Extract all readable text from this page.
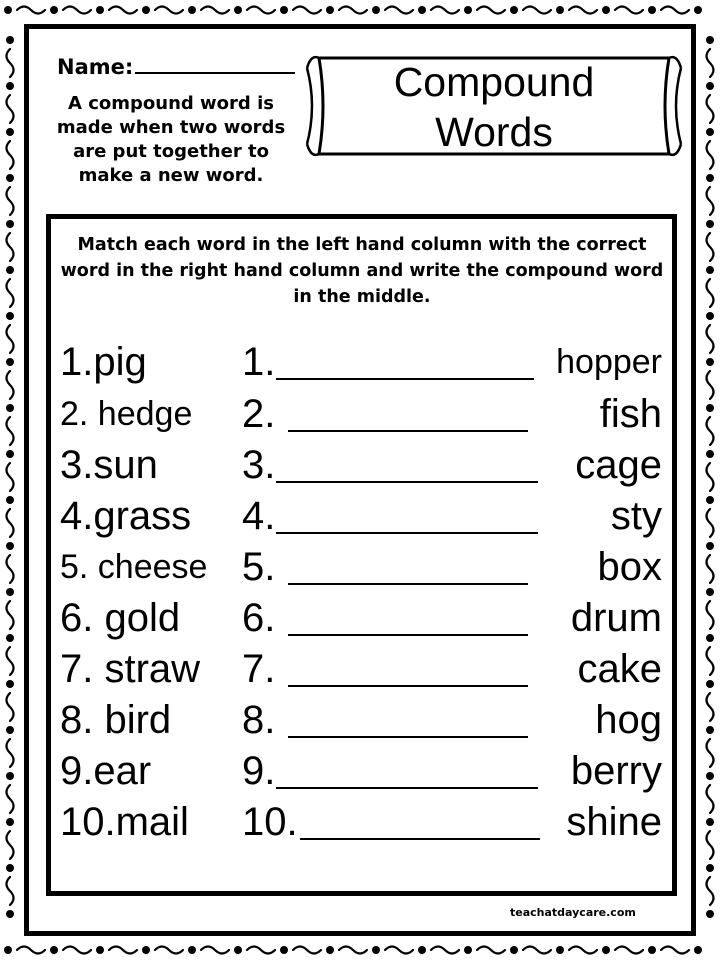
Name:
A compound word is made when two words are put together to make a new word.
Compound
Words
Match each word in the left hand column with the correct word in the right hand column and write the compound word in the middle.
1.pig 1.	hopper
2. hedge 2.	fish
3.sun 3.	cage
4.grass 4.	sty
5. cheese 5.	box
6. gold 6.	drum
7. straw 7.	cake
8. bird 8.	hog
9.ear 9.	berry
10.mail 10.	shine
teachatdaycare.com
